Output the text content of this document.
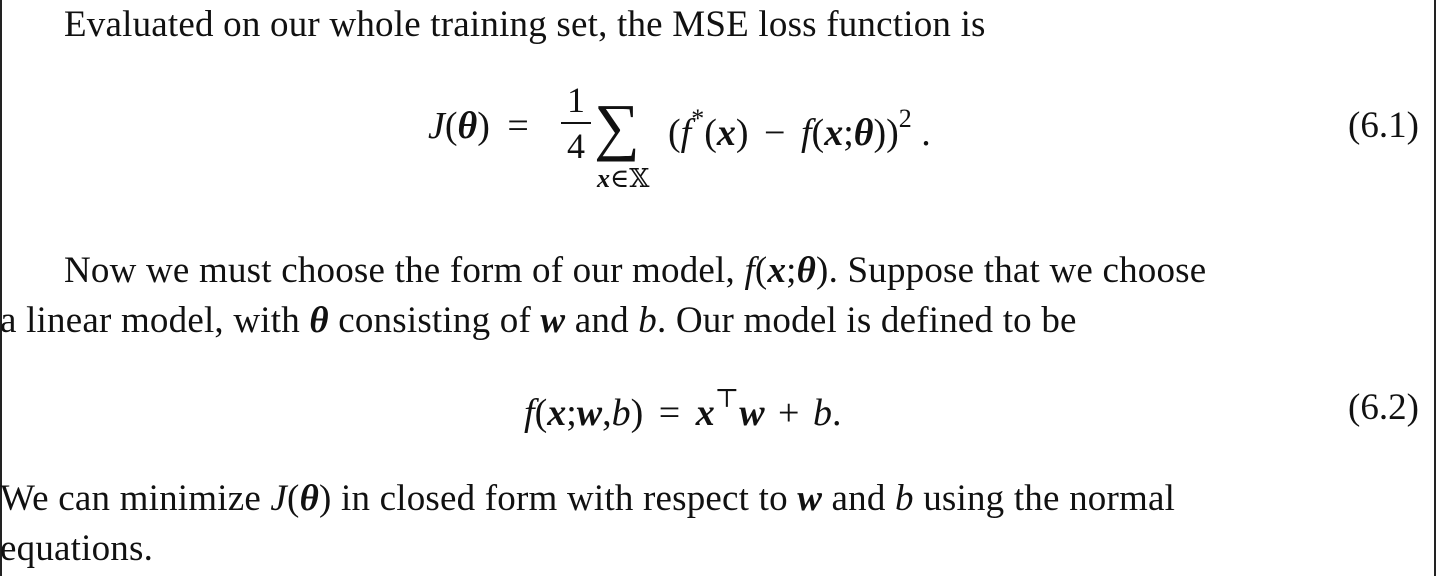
Evaluated on our whole training set, the MSE loss function is
J(θ) =
1
4 ∑
x∈𝕏
(f*(x) − f(x;θ))$^2$ .	(6.1)
Now we must choose the form of our model, f(x;θ). Suppose that we choose
a linear model, with θ consisting of w and b. Our model is defined to be
f(x;w,b) = x⊤w + b.	(6.2)
We can minimize J(θ) in closed form with respect to w and b using the normal
equations.
